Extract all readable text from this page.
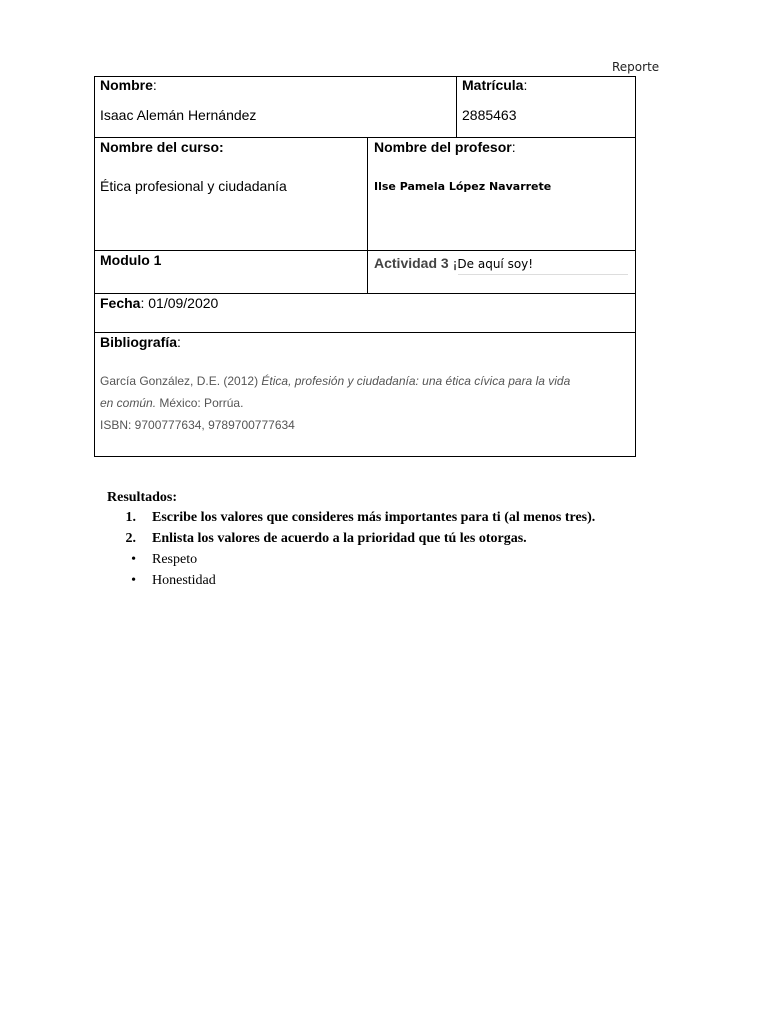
Reporte
Nombre:
Isaac Alemán Hernández
Matrícula:
2885463
Nombre del curso:
Ética profesional y ciudadanía
Nombre del profesor:
Ilse Pamela López Navarrete
Modulo 1	Actividad 3 ¡De aquí soy!
Fecha: 01/09/2020
Bibliografía:
García González, D.E. (2012) Ética, profesión y ciudadanía: una ética cívica para la vida
en común. México: Porrúa.
ISBN: 9700777634, 9789700777634
Resultados:
1. Escribe los valores que consideres más importantes para ti (al menos tres).
2. Enlista los valores de acuerdo a la prioridad que tú les otorgas.
• Respeto
• Honestidad
